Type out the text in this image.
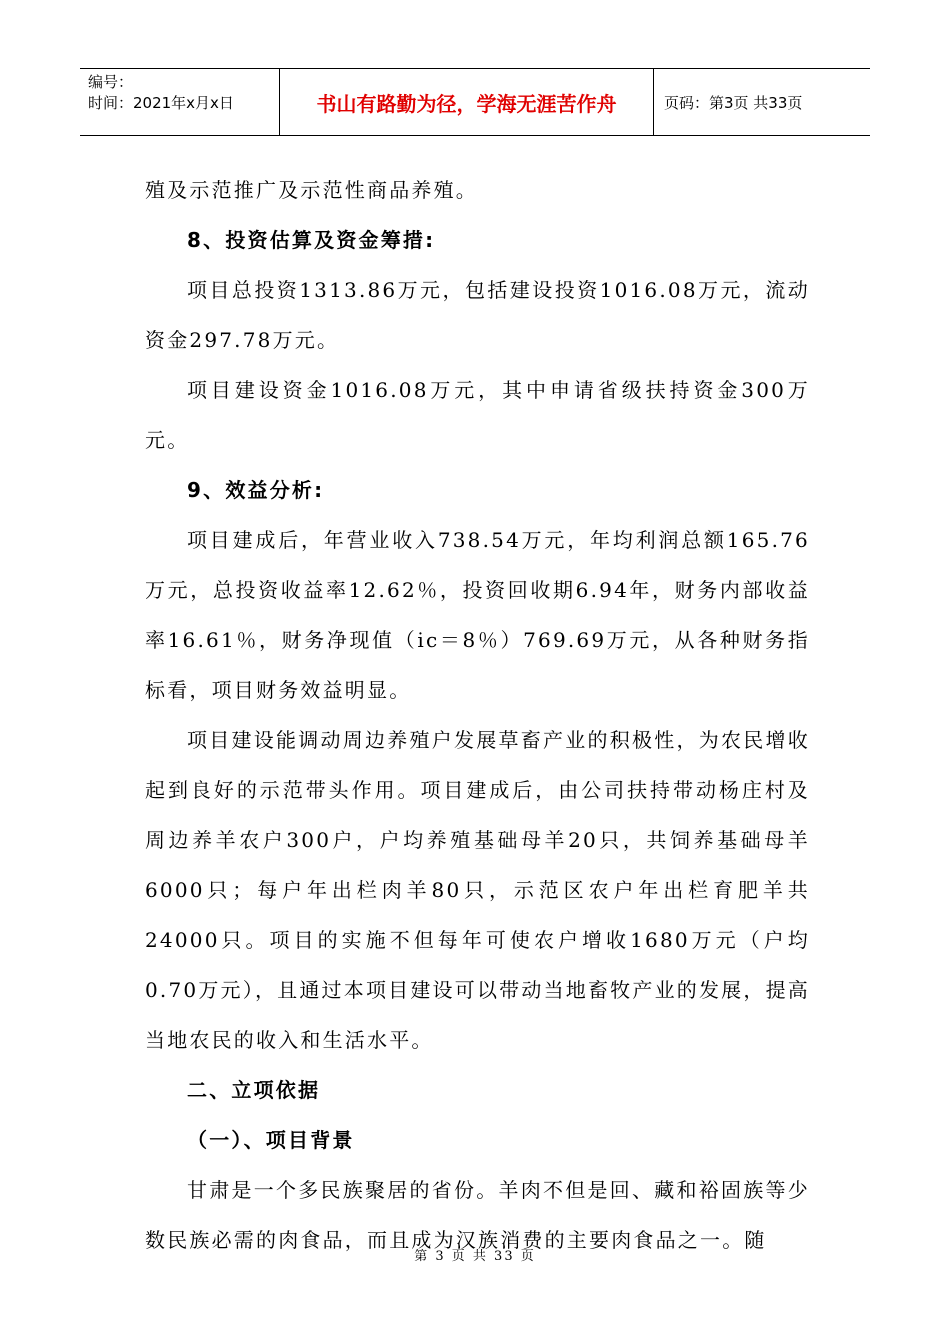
编号：
时间：2021年x月x日	书山有路勤为径，学海无涯苦作舟	页码：第3页 共33页

殖及示范推广及示范性商品养殖。

8、投资估算及资金筹措:

项目总投资1313.86万元，包括建设投资1016.08万元，流动资金297.78万元。

项目建设资金1016.08万元，其中申请省级扶持资金300万元。

9、效益分析:

项目建成后，年营业收入738.54万元，年均利润总额165.76万元，总投资收益率12.62％，投资回收期6.94年，财务内部收益率16.61％，财务净现值（ic＝8％）769.69万元，从各种财务指标看，项目财务效益明显。

项目建设能调动周边养殖户发展草畜产业的积极性，为农民增收起到良好的示范带头作用。项目建成后，由公司扶持带动杨庄村及周边养羊农户300户，户均养殖基础母羊20只，共饲养基础母羊6000只；每户年出栏肉羊80只，示范区农户年出栏育肥羊共24000只。项目的实施不但每年可使农户增收1680万元（户均0.70万元），且通过本项目建设可以带动当地畜牧产业的发展，提高当地农民的收入和生活水平。

二、立项依据

（一）、项目背景

甘肃是一个多民族聚居的省份。羊肉不但是回、藏和裕固族等少数民族必需的肉食品，而且成为汉族消费的主要肉食品之一。随

第 3 页 共 33 页
